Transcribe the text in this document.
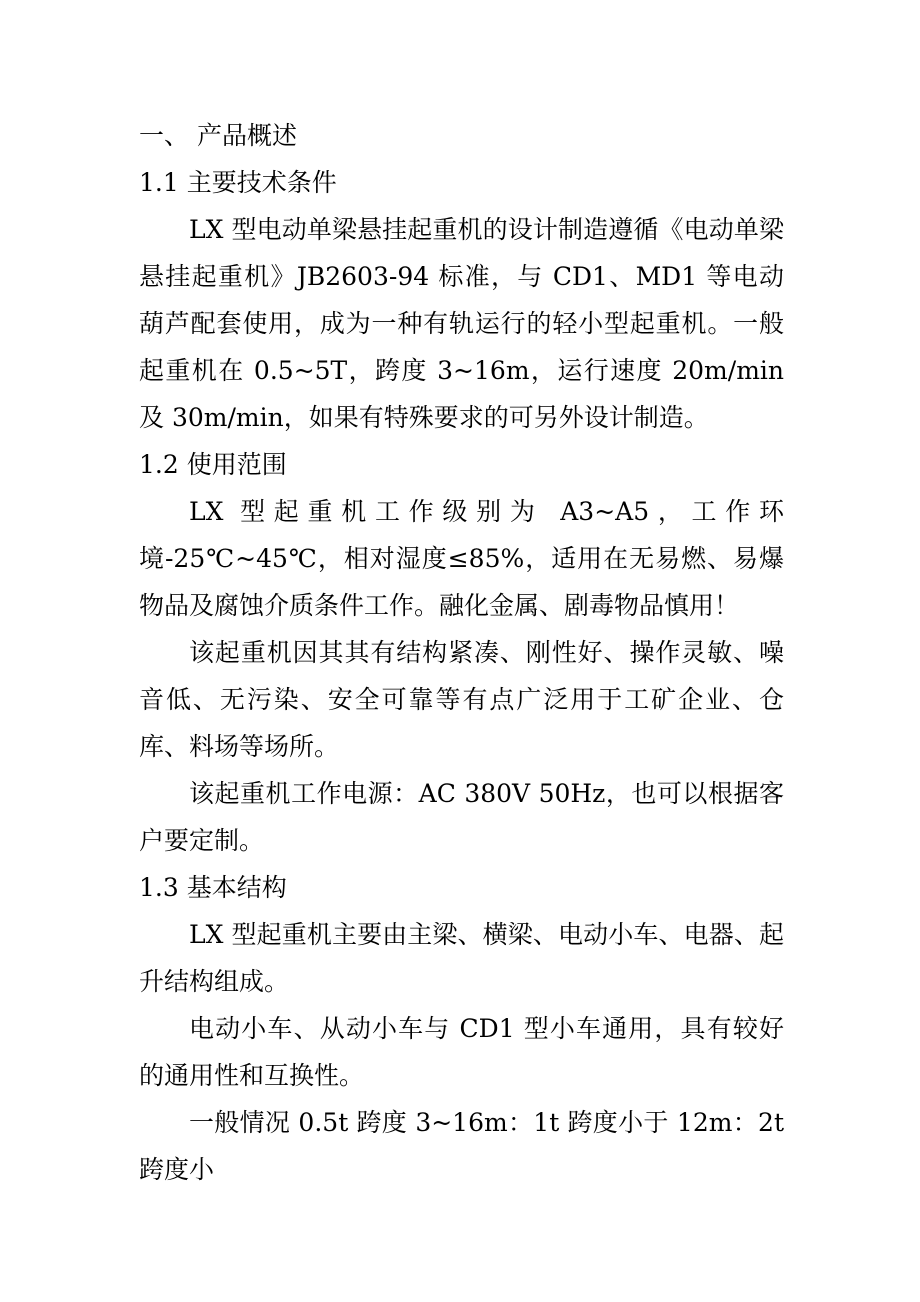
一、 产品概述

1.1 主要技术条件

LX 型电动单梁悬挂起重机的设计制造遵循《电动单梁悬挂起重机》JB2603-94 标准，与 CD1、MD1 等电动葫芦配套使用，成为一种有轨运行的轻小型起重机。一般起重机在 0.5~5T，跨度 3~16m，运行速度 20m/min 及 30m/min，如果有特殊要求的可另外设计制造。

1.2 使用范围

LX 型起重机工作级别为 A3~A5，工作环境-25℃~45℃，相对湿度≤85%，适用在无易燃、易爆物品及腐蚀介质条件工作。融化金属、剧毒物品慎用！

该起重机因其其有结构紧凑、刚性好、操作灵敏、噪音低、无污染、安全可靠等有点广泛用于工矿企业、仓库、料场等场所。

该起重机工作电源：AC 380V 50Hz，也可以根据客户要定制。

1.3 基本结构

LX 型起重机主要由主梁、横梁、电动小车、电器、起升结构组成。

电动小车、从动小车与 CD1 型小车通用，具有较好的通用性和互换性。

一般情况 0.5t 跨度 3~16m：1t 跨度小于 12m：2t 跨度小
